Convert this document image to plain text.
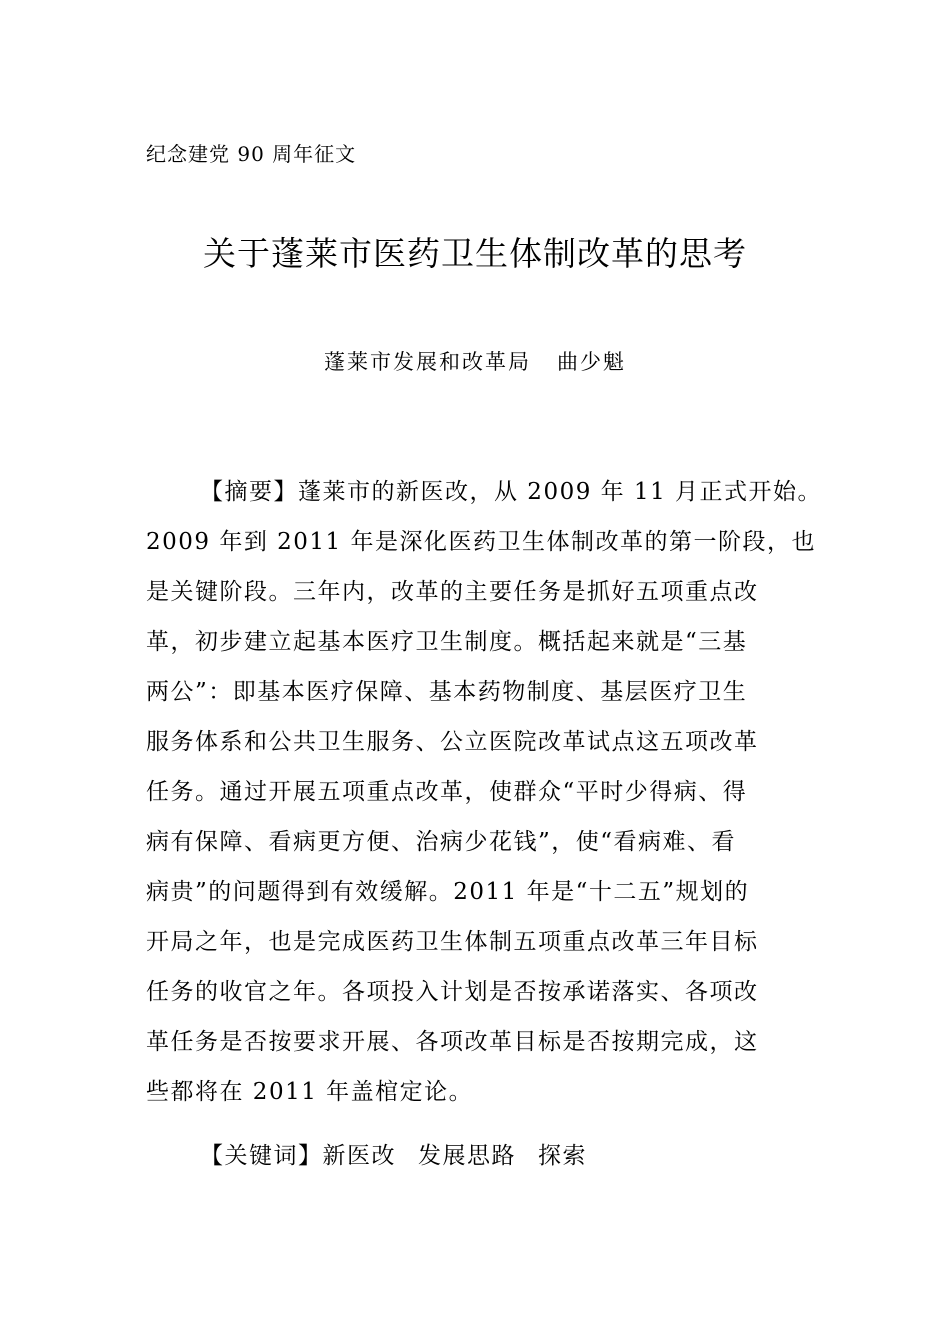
纪念建党 90 周年征文
关于蓬莱市医药卫生体制改革的思考
蓬莱市发展和改革局 曲少魁
【摘要】蓬莱市的新医改，从 2009 年 11 月正式开始。
2009 年到 2011 年是深化医药卫生体制改革的第一阶段，也
是关键阶段。三年内，改革的主要任务是抓好五项重点改
革，初步建立起基本医疗卫生制度。概括起来就是“三基
两公”：即基本医疗保障、基本药物制度、基层医疗卫生
服务体系和公共卫生服务、公立医院改革试点这五项改革
任务。通过开展五项重点改革，使群众“平时少得病、得
病有保障、看病更方便、治病少花钱”，使“看病难、看
病贵”的问题得到有效缓解。2011 年是“十二五”规划的
开局之年，也是完成医药卫生体制五项重点改革三年目标
任务的收官之年。各项投入计划是否按承诺落实、各项改
革任务是否按要求开展、各项改革目标是否按期完成，这
些都将在 2011 年盖棺定论。
【关键词】新医改 发展思路 探索
